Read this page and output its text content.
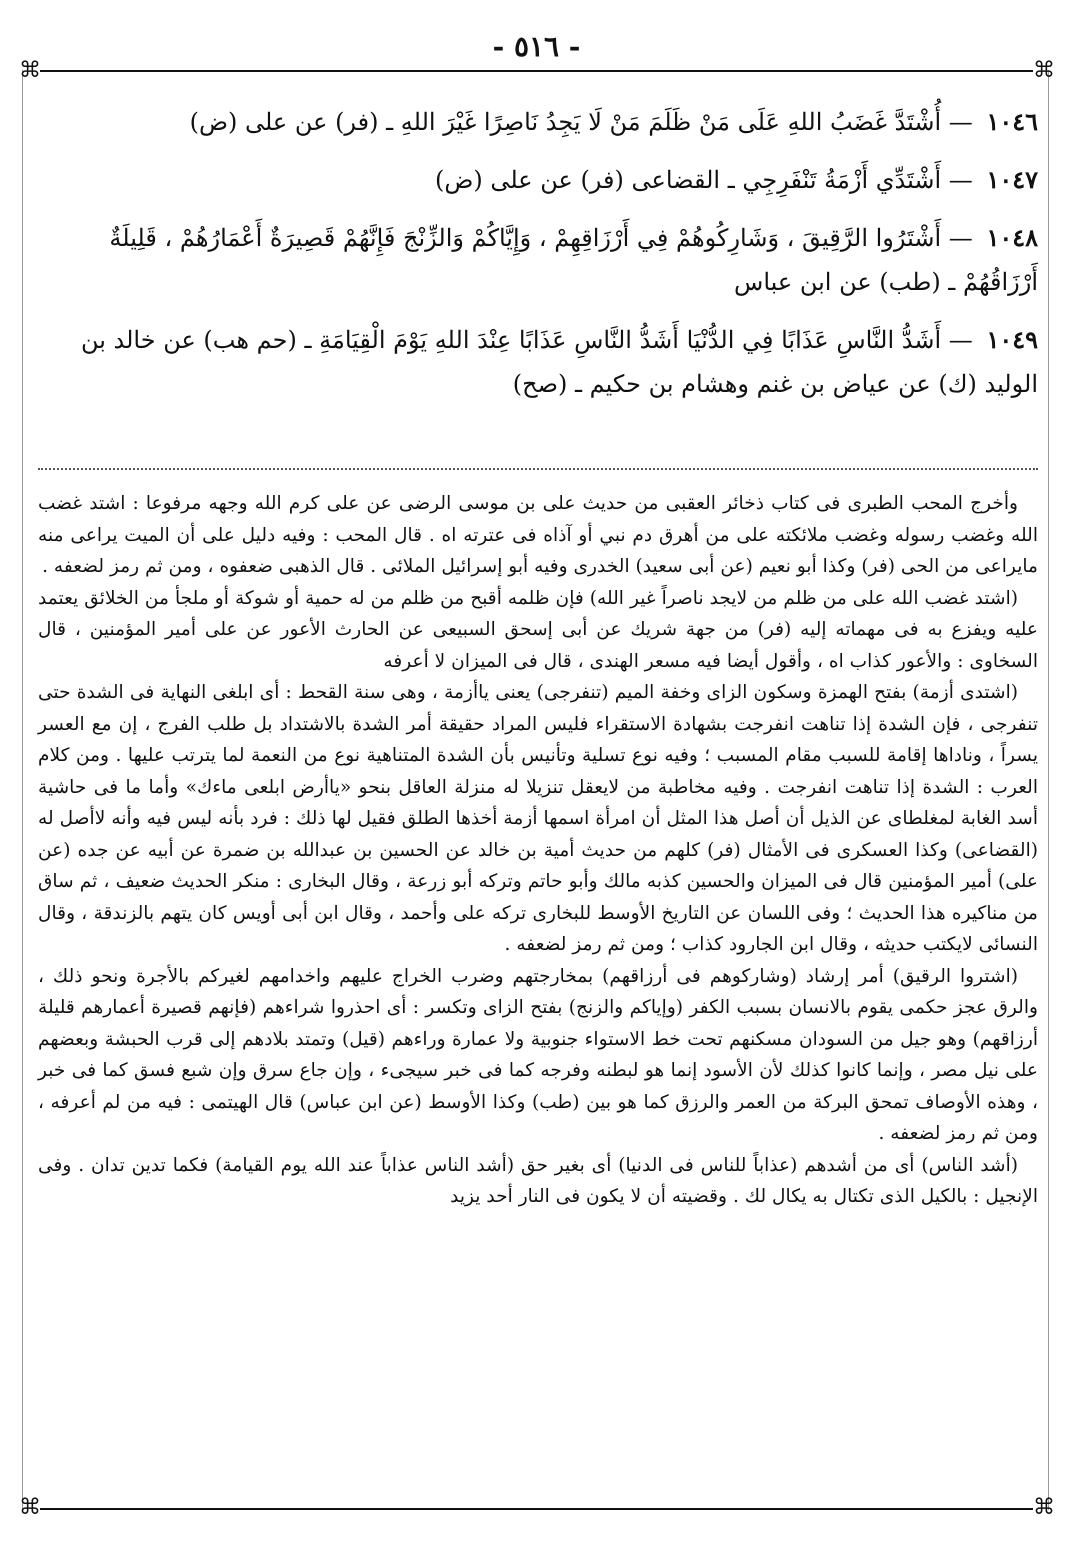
- ٥١٦ -
⌘	⌘
⌘	⌘
١٠٤٦ — أُشْتَدَّ غَضَبُ اللهِ عَلَى مَنْ ظَلَمَ مَنْ لَا يَجِدُ نَاصِرًا غَيْرَ اللهِ ـ (فر) عن على (ض)
١٠٤٧ — أَشْتَدِّي أَزْمَةُ تَنْفَرِجِي ـ القضاعى (فر) عن على (ض)
١٠٤٨ — أَشْتَرُوا الرَّقِيقَ ، وَشَارِكُوهُمْ فِي أَرْزَاقِهِمْ ، وَإِيَّاكُمْ وَالزِّنْجَ فَإِنَّهُمْ قَصِيرَةٌ أَعْمَارُهُمْ ، قَلِيلَةٌ أَرْزَاقُهُمْ ـ (طب) عن ابن عباس
١٠٤٩ — أَشَدُّ النَّاسِ عَذَابًا فِي الدُّنْيَا أَشَدُّ النَّاسِ عَذَابًا عِنْدَ اللهِ يَوْمَ الْقِيَامَةِ ـ (حم هب) عن خالد بن الوليد (ك) عن عياض بن غنم وهشام بن حكيم ـ (صح)

وأخرج المحب الطبرى فى كتاب ذخائر العقبى من حديث على بن موسى الرضى عن على كرم الله وجهه مرفوعا : اشتد غضب الله وغضب رسوله وغضب ملائكته على من أهرق دم نبي أو آذاه فى عترته اه . قال المحب : وفيه دليل على أن الميت يراعى منه مايراعى من الحى (فر) وكذا أبو نعيم (عن أبى سعيد) الخدرى وفيه أبو إسرائيل الملائى . قال الذهبى ضعفوه ، ومن ثم رمز لضعفه .

(اشتد غضب الله على من ظلم من لايجد ناصراً غير الله) فإن ظلمه أقبح من ظلم من له حمية أو شوكة أو ملجأ من الخلائق يعتمد عليه ويفزع به فى مهماته إليه (فر) من جهة شريك عن أبى إسحق السبيعى عن الحارث الأعور عن على أمير المؤمنين ، قال السخاوى : والأعور كذاب اه ، وأقول أيضا فيه مسعر الهندى ، قال فى الميزان لا أعرفه

(اشتدى أزمة) بفتح الهمزة وسكون الزاى وخفة الميم (تنفرجى) يعنى ياأزمة ، وهى سنة القحط : أى ابلغى النهاية فى الشدة حتى تنفرجى ، فإن الشدة إذا تناهت انفرجت بشهادة الاستقراء فليس المراد حقيقة أمر الشدة بالاشتداد بل طلب الفرج ، إن مع العسر يسراً ، وناداها إقامة للسبب مقام المسبب ؛ وفيه نوع تسلية وتأنيس بأن الشدة المتناهية نوع من النعمة لما يترتب عليها . ومن كلام العرب : الشدة إذا تناهت انفرجت . وفيه مخاطبة من لايعقل تنزيلا له منزلة العاقل بنحو «ياأرض ابلعى ماءك» وأما ما فى حاشية أسد الغابة لمغلطاى عن الذيل أن أصل هذا المثل أن امرأة اسمها أزمة أخذها الطلق فقيل لها ذلك : فرد بأنه ليس فيه وأنه لاأصل له (القضاعى) وكذا العسكرى فى الأمثال (فر) كلهم من حديث أمية بن خالد عن الحسين بن عبدالله بن ضمرة عن أبيه عن جده (عن على) أمير المؤمنين قال فى الميزان والحسين كذبه مالك وأبو حاتم وتركه أبو زرعة ، وقال البخارى : منكر الحديث ضعيف ، ثم ساق من مناكيره هذا الحديث ؛ وفى اللسان عن التاريخ الأوسط للبخارى تركه على وأحمد ، وقال ابن أبى أويس كان يتهم بالزندقة ، وقال النسائى لايكتب حديثه ، وقال ابن الجارود كذاب ؛ ومن ثم رمز لضعفه .

(اشتروا الرقيق) أمر إرشاد (وشاركوهم فى أرزاقهم) بمخارجتهم وضرب الخراج عليهم واخدامهم لغيركم بالأجرة ونحو ذلك ، والرق عجز حكمى يقوم بالانسان بسبب الكفر (وإياكم والزنج) بفتح الزاى وتكسر : أى احذروا شراءهم (فإنهم قصيرة أعمارهم قليلة أرزاقهم) وهو جيل من السودان مسكنهم تحت خط الاستواء جنوبية ولا عمارة وراءهم (قيل) وتمتد بلادهم إلى قرب الحبشة وبعضهم على نيل مصر ، وإنما كانوا كذلك لأن الأسود إنما هو لبطنه وفرجه كما فى خبر سيجىء ، وإن جاع سرق وإن شبع فسق كما فى خبر ، وهذه الأوصاف تمحق البركة من العمر والرزق كما هو بين (طب) وكذا الأوسط (عن ابن عباس) قال الهيتمى : فيه من لم أعرفه ، ومن ثم رمز لضعفه .

(أشد الناس) أى من أشدهم (عذاباً للناس فى الدنيا) أى بغير حق (أشد الناس عذاباً عند الله يوم القيامة) فكما تدين تدان . وفى الإنجيل : بالكيل الذى تكتال به يكال لك . وقضيته أن لا يكون فى النار أحد يزيد
